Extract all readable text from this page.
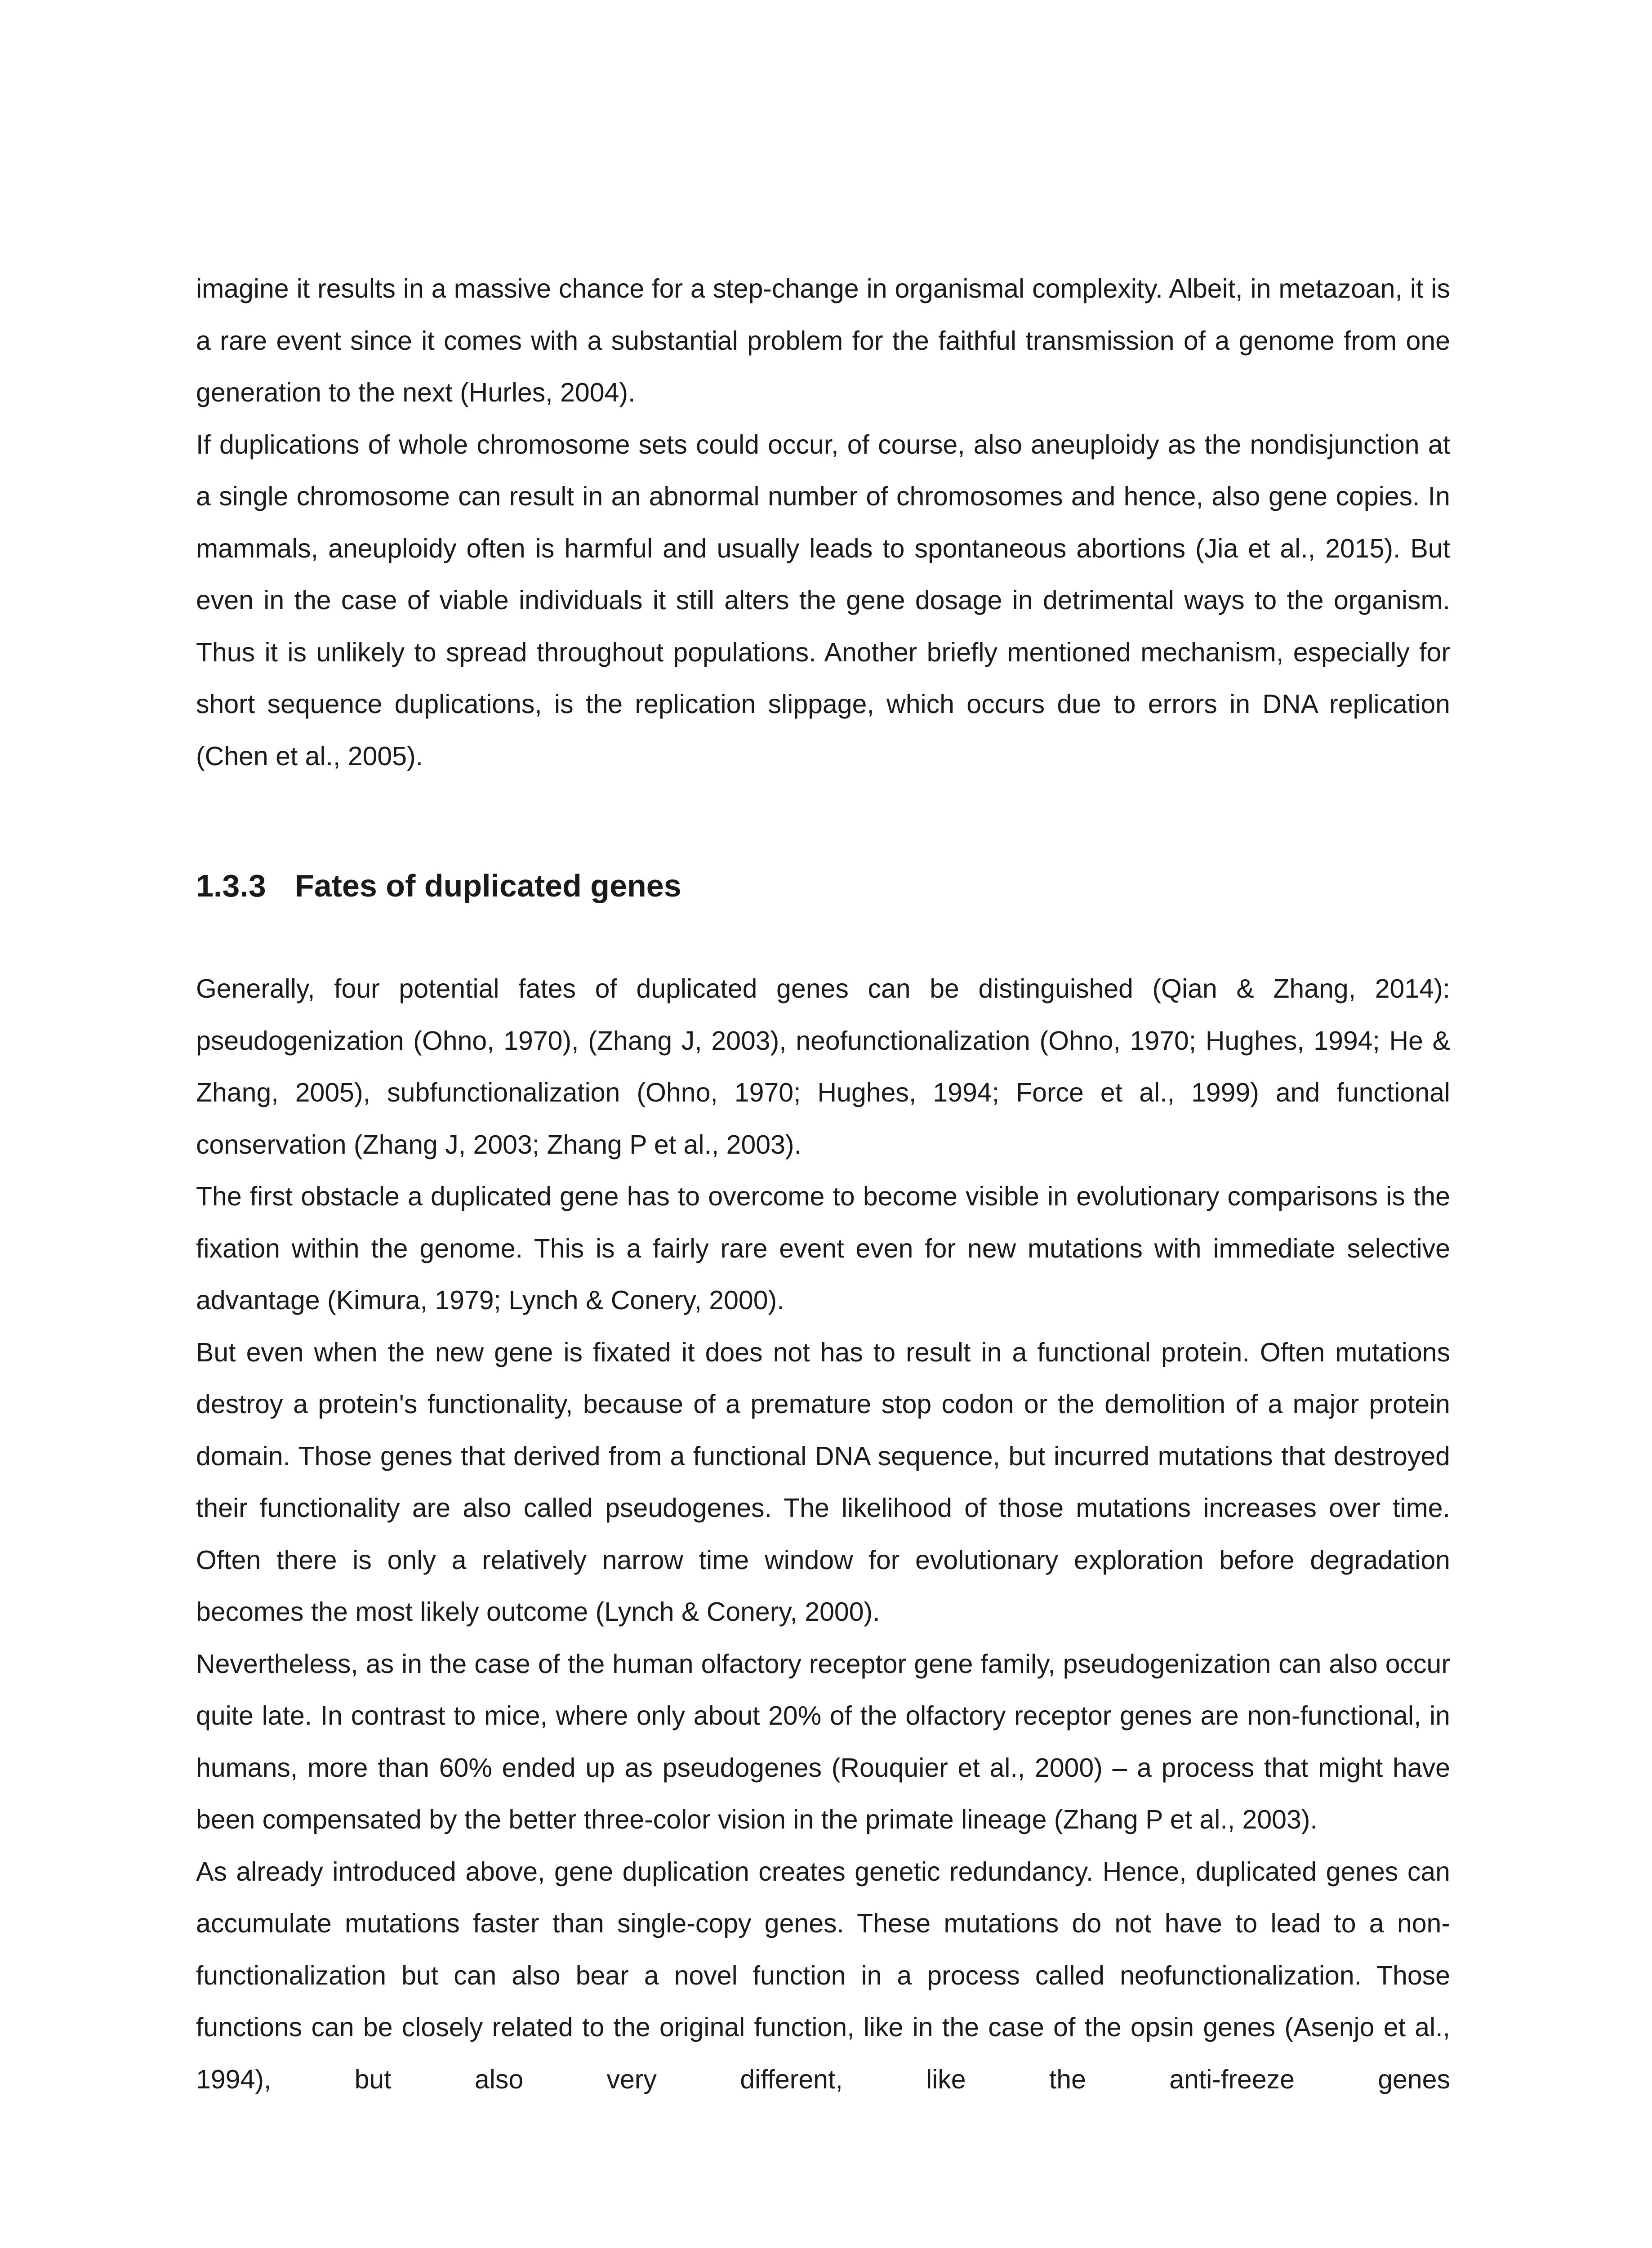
imagine it results in a massive chance for a step-change in organismal complexity. Albeit, in metazoan, it is a rare event since it comes with a substantial problem for the faithful transmission of a genome from one generation to the next (Hurles, 2004).

If duplications of whole chromosome sets could occur, of course, also aneuploidy as the nondisjunction at a single chromosome can result in an abnormal number of chromosomes and hence, also gene copies. In mammals, aneuploidy often is harmful and usually leads to spontaneous abortions (Jia et al., 2015). But even in the case of viable individuals it still alters the gene dosage in detrimental ways to the organism. Thus it is unlikely to spread throughout populations. Another briefly mentioned mechanism, especially for short sequence duplications, is the replication slippage, which occurs due to errors in DNA replication (Chen et al., 2005).

1.3.3 Fates of duplicated genes

Generally, four potential fates of duplicated genes can be distinguished (Qian & Zhang, 2014): pseudogenization (Ohno, 1970), (Zhang J, 2003), neofunctionalization (Ohno, 1970; Hughes, 1994; He & Zhang, 2005), subfunctionalization (Ohno, 1970; Hughes, 1994; Force et al., 1999) and functional conservation (Zhang J, 2003; Zhang P et al., 2003).

The first obstacle a duplicated gene has to overcome to become visible in evolutionary comparisons is the fixation within the genome. This is a fairly rare event even for new mutations with immediate selective advantage (Kimura, 1979; Lynch & Conery, 2000).

But even when the new gene is fixated it does not has to result in a functional protein. Often mutations destroy a protein's functionality, because of a premature stop codon or the demolition of a major protein domain. Those genes that derived from a functional DNA sequence, but incurred mutations that destroyed their functionality are also called pseudogenes. The likelihood of those mutations increases over time. Often there is only a relatively narrow time window for evolutionary exploration before degradation becomes the most likely outcome (Lynch & Conery, 2000).

Nevertheless, as in the case of the human olfactory receptor gene family, pseudogenization can also occur quite late. In contrast to mice, where only about 20% of the olfactory receptor genes are non-functional, in humans, more than 60% ended up as pseudogenes (Rouquier et al., 2000) – a process that might have been compensated by the better three-color vision in the primate lineage (Zhang P et al., 2003).

As already introduced above, gene duplication creates genetic redundancy. Hence, duplicated genes can accumulate mutations faster than single-copy genes. These mutations do not have to lead to a non-functionalization but can also bear a novel function in a process called neofunctionalization. Those functions can be closely related to the original function, like in the case of the opsin genes (Asenjo et al., 1994), but also very different, like the anti-freeze genes
